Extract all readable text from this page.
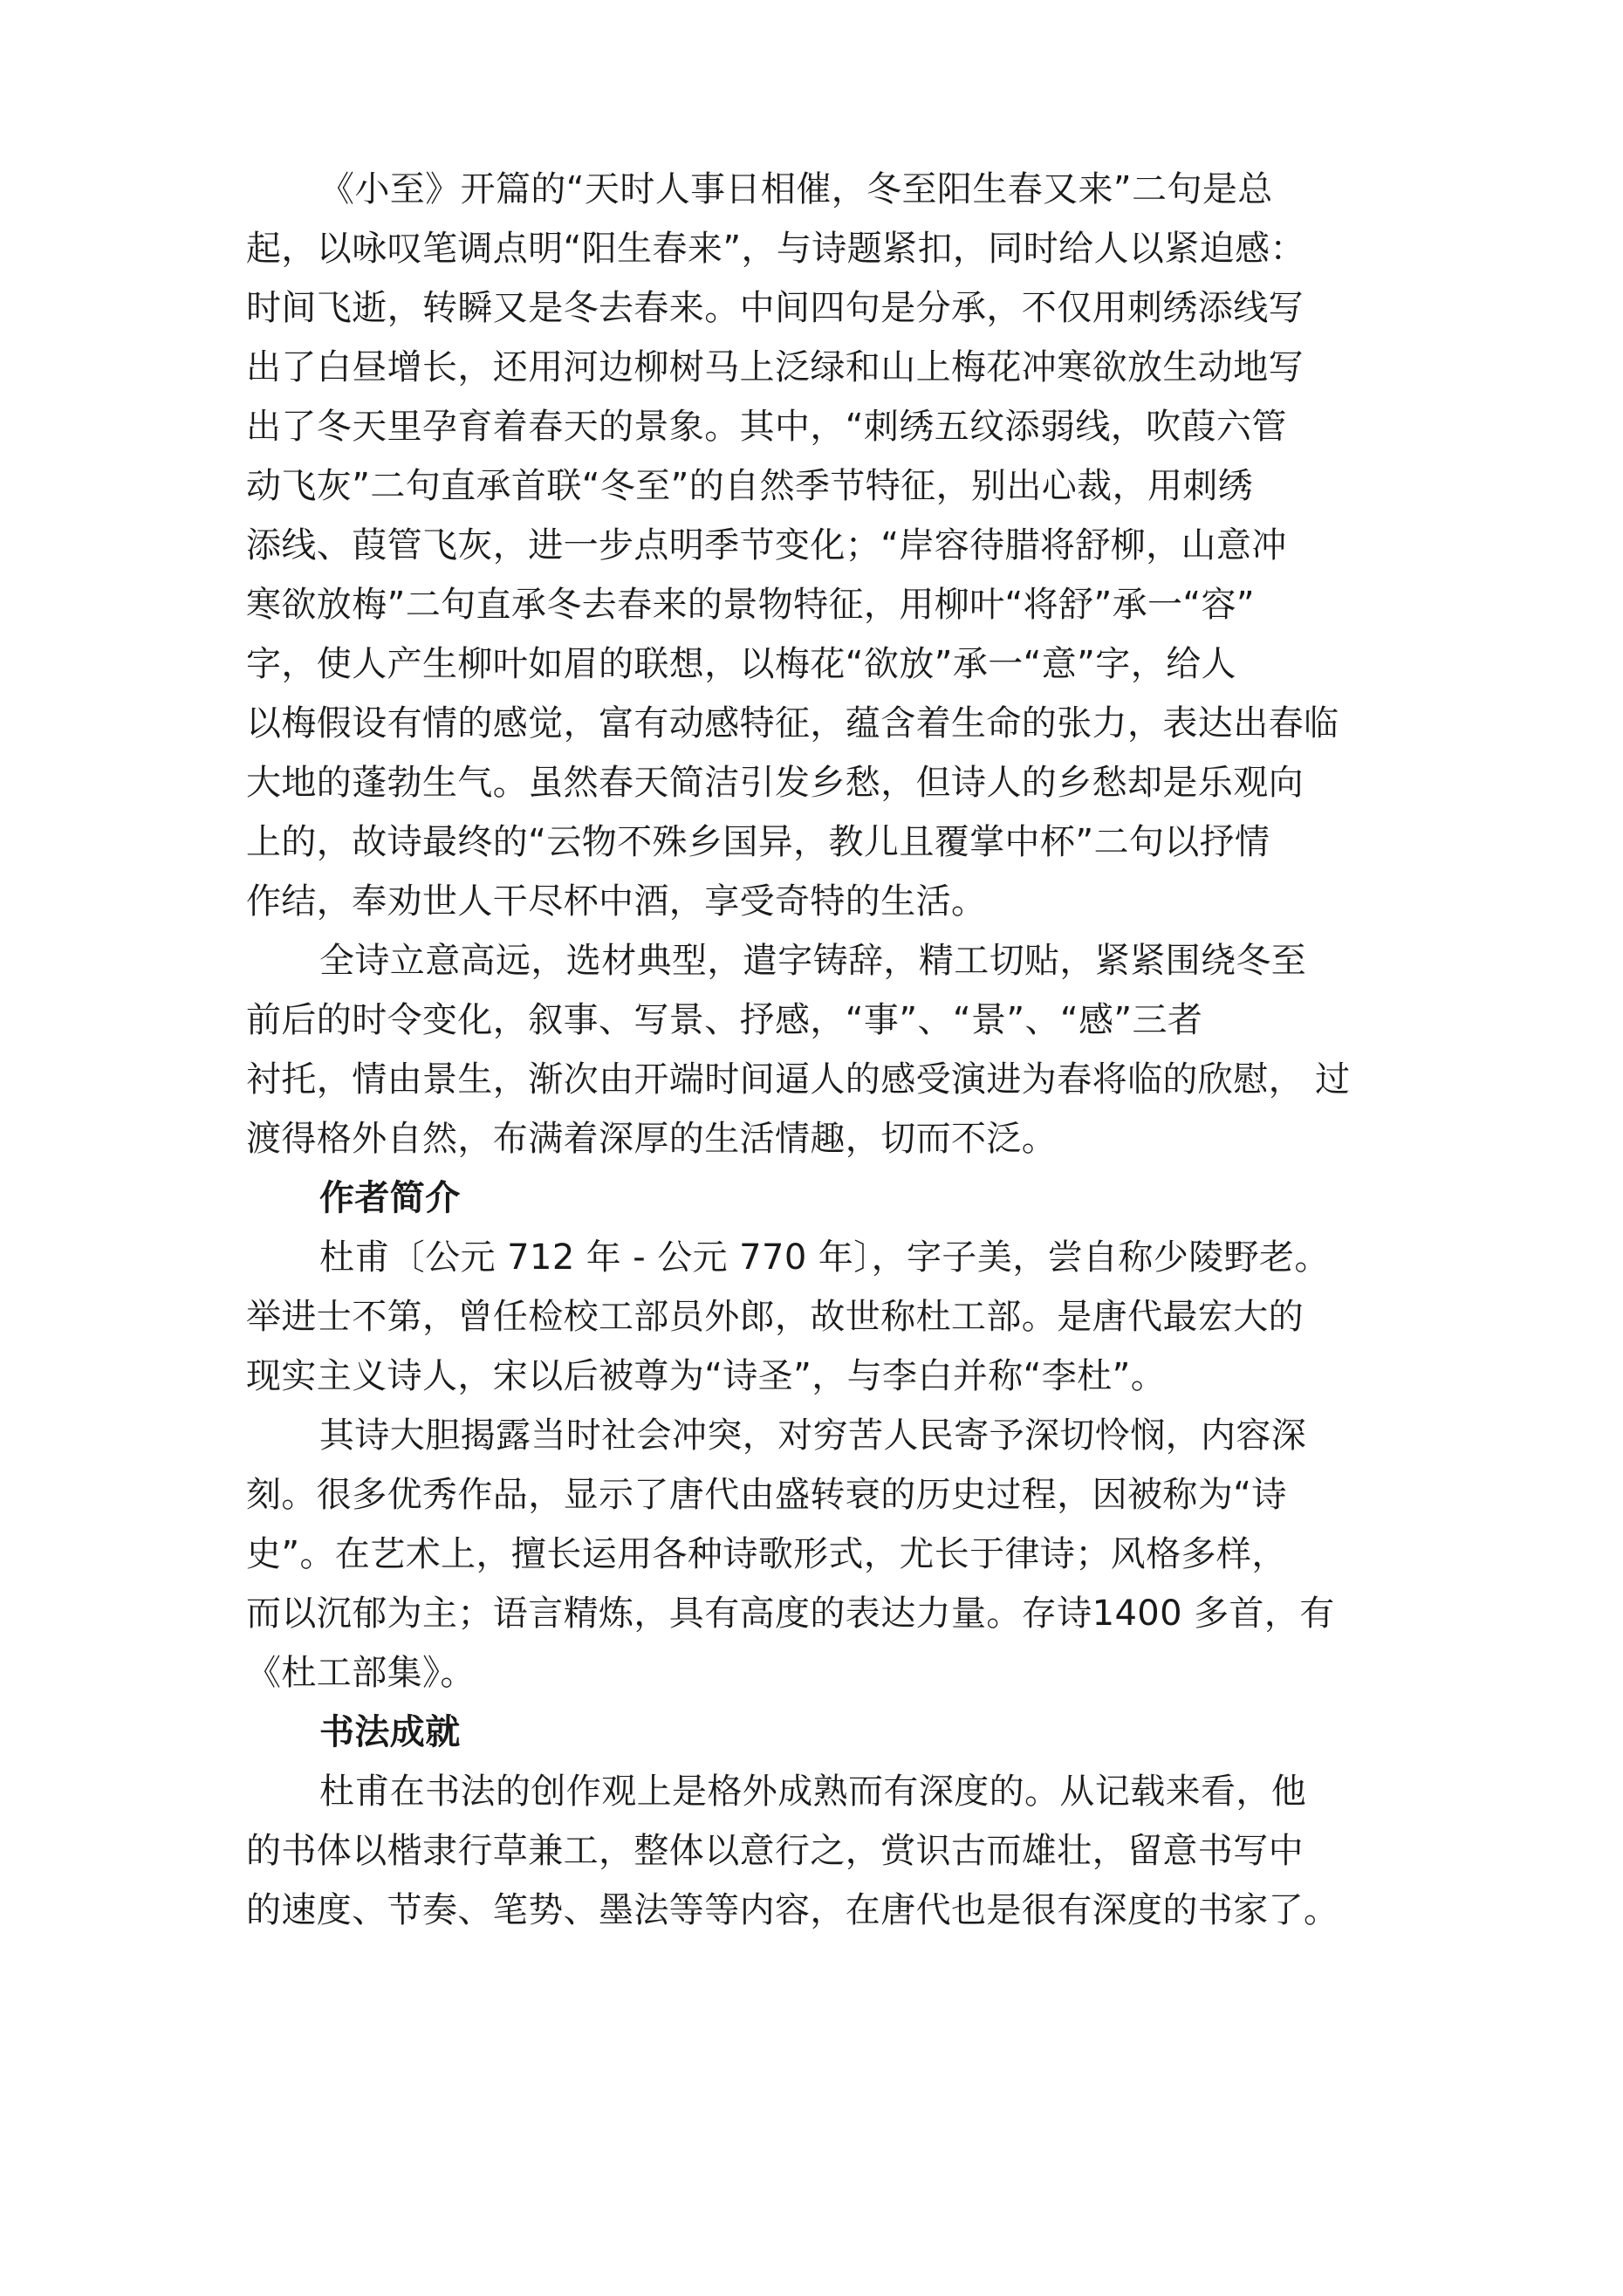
《小至》开篇的“天时人事日相催，冬至阳生春又来”二句是总
起，以咏叹笔调点明“阳生春来”，与诗题紧扣，同时给人以紧迫感：
时间飞逝，转瞬又是冬去春来。中间四句是分承，不仅用刺绣添线写
出了白昼增长，还用河边柳树马上泛绿和山上梅花冲寒欲放生动地写
出了冬天里孕育着春天的景象。其中，“刺绣五纹添弱线，吹葭六管
动飞灰”二句直承首联“冬至”的自然季节特征，别出心裁，用刺绣
添线、葭管飞灰，进一步点明季节变化；“岸容待腊将舒柳，山意冲
寒欲放梅”二句直承冬去春来的景物特征，用柳叶“将舒”承一“容”
字，使人产生柳叶如眉的联想，以梅花“欲放”承一“意”字，给人
以梅假设有情的感觉，富有动感特征，蕴含着生命的张力，表达出春临
大地的蓬勃生气。虽然春天简洁引发乡愁，但诗人的乡愁却是乐观向
上的，故诗最终的“云物不殊乡国异，教儿且覆掌中杯”二句以抒情
作结，奉劝世人干尽杯中酒，享受奇特的生活。
全诗立意高远，选材典型，遣字铸辞，精工切贴，紧紧围绕冬至
前后的时令变化，叙事、写景、抒感，“事”、“景”、“感”三者
衬托，情由景生，渐次由开端时间逼人的感受演进为春将临的欣慰， 过
渡得格外自然，布满着深厚的生活情趣，切而不泛。
作者简介
杜甫〔公元 712 年 - 公元 770 年〕，字子美，尝自称少陵野老。
举进士不第，曾任检校工部员外郎，故世称杜工部。是唐代最宏大的
现实主义诗人，宋以后被尊为“诗圣”，与李白并称“李杜”。
其诗大胆揭露当时社会冲突，对穷苦人民寄予深切怜悯，内容深
刻。很多优秀作品，显示了唐代由盛转衰的历史过程，因被称为“诗
史”。在艺术上，擅长运用各种诗歌形式，尤长于律诗；风格多样，
而以沉郁为主；语言精炼，具有高度的表达力量。存诗1400 多首，有
《杜工部集》。
书法成就
杜甫在书法的创作观上是格外成熟而有深度的。从记载来看，他
的书体以楷隶行草兼工，整体以意行之，赏识古而雄壮，留意书写中
的速度、节奏、笔势、墨法等等内容，在唐代也是很有深度的书家了。
